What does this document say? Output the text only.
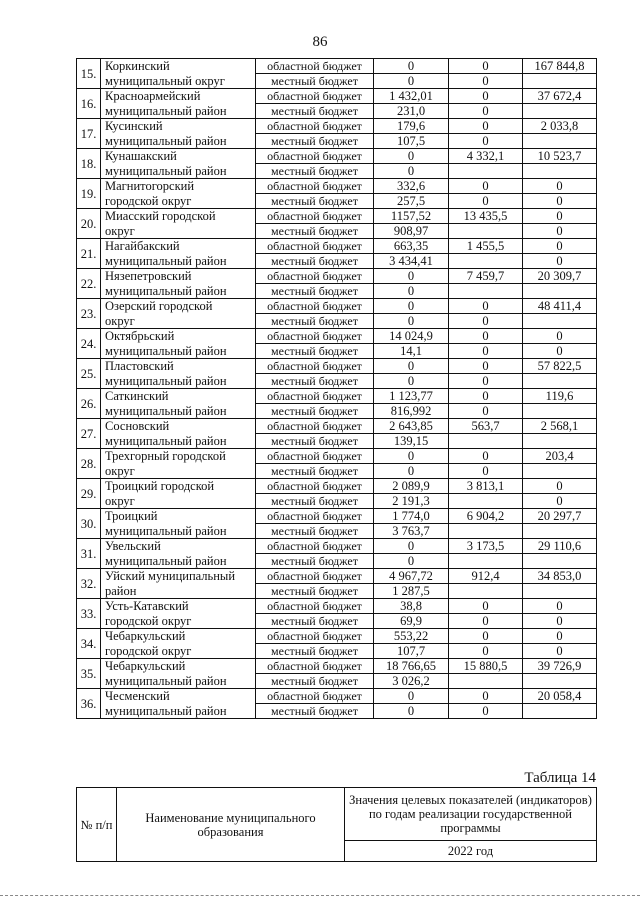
86
15.	Коркинский	областной бюджет	0	0	167 844,8
	муниципальный округ	местный бюджет	0	0	
16.	Красноармейский	областной бюджет	1 432,01	0	37 672,4
	муниципальный район	местный бюджет	231,0	0	
17.	Кусинский	областной бюджет	179,6	0	2 033,8
	муниципальный район	местный бюджет	107,5	0	
18.	Кунашакский	областной бюджет	0	4 332,1	10 523,7
	муниципальный район	местный бюджет	0		
19.	Магнитогорский	областной бюджет	332,6	0	0
	городской округ	местный бюджет	257,5	0	0
20.	Миасский городской	областной бюджет	1157,52	13 435,5	0
	округ	местный бюджет	908,97		0
21.	Нагайбакский	областной бюджет	663,35	1 455,5	0
	муниципальный район	местный бюджет	3 434,41		0
22.	Нязепетровский	областной бюджет	0	7 459,7	20 309,7
	муниципальный район	местный бюджет	0		
23.	Озерский городской	областной бюджет	0	0	48 411,4
	округ	местный бюджет	0	0	
24.	Октябрьский	областной бюджет	14 024,9	0	0
	муниципальный район	местный бюджет	14,1	0	0
25.	Пластовский	областной бюджет	0	0	57 822,5
	муниципальный район	местный бюджет	0	0	
26.	Саткинский	областной бюджет	1 123,77	0	119,6
	муниципальный район	местный бюджет	816,992	0	
27.	Сосновский	областной бюджет	2 643,85	563,7	2 568,1
	муниципальный район	местный бюджет	139,15		
28.	Трехгорный городской	областной бюджет	0	0	203,4
	округ	местный бюджет	0	0	
29.	Троицкий городской	областной бюджет	2 089,9	3 813,1	0
	округ	местный бюджет	2 191,3		0
30.	Троицкий	областной бюджет	1 774,0	6 904,2	20 297,7
	муниципальный район	местный бюджет	3 763,7		
31.	Увельский	областной бюджет	0	3 173,5	29 110,6
	муниципальный район	местный бюджет	0		
32.	Уйский муниципальный	областной бюджет	4 967,72	912,4	34 853,0
	район	местный бюджет	1 287,5		
33.	Усть-Катавский	областной бюджет	38,8	0	0
	городской округ	местный бюджет	69,9	0	0
34.	Чебаркульский	областной бюджет	553,22	0	0
	городской округ	местный бюджет	107,7	0	0
35.	Чебаркульский	областной бюджет	18 766,65	15 880,5	39 726,9
	муниципальный район	местный бюджет	3 026,2		
36.	Чесменский	областной бюджет	0	0	20 058,4
	муниципальный район	местный бюджет	0	0	
Таблица 14
№ п/п	Наименование муниципального образования	Значения целевых показателей (индикаторов) по годам реализации государственной программы
2022 год
